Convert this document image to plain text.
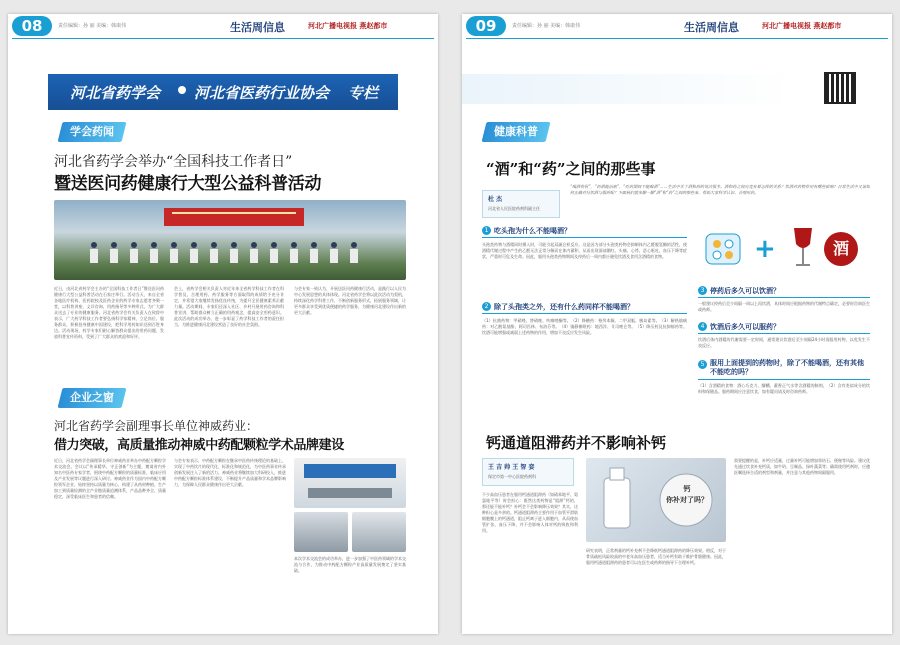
08	责任编辑：孙 丽 美编：韩康伟	生活周信息	河北广播电视报 燕赵都市
河北省药学会 河北省医药行业协会 专栏
学会药闻
河北省药学会举办“全国科技工作者日”
暨送医问药健康行大型公益科普活动
近日，由河北省药学会主办的“全国科技工作者日”暨送医问药健康行大型公益科普活动在石家庄举行。活动当天，来自全省各地医疗机构、医药院校及医药企业的药学专家志愿者齐聚一堂，以科普讲座、义诊咨询、用药指导等多种形式，为广大群众送去了专业的健康服务。河北省药学会有关负责人在致辞中表示，广大药学科技工作者要弘扬科学家精神，立足岗位、服务群众，积极投身健康中国建设，把科学用药知识送到百姓身边。活动现场，药学专家们耐心解答群众提出的用药问题，发放科普宣传资料，受到了广大群众的欢迎和好评。
会上，省药学会相关负责人对近年来全省药学科技工作者在科学普及、合理用药、药学服务等方面取得的成绩给予充分肯定，并希望大家继续发扬优良传统，为提升全民健康素养贡献力量。活动期间，专家们还深入社区、乡村开展用药咨询和科普宣讲，帮助群众树立正确的用药观念，提高安全用药意识。此次活动的成功举办，进一步彰显了药学科技工作者的责任担当，为推进健康河北建设营造了良好的社会氛围。
与会专家一致认为，开展送医问药健康行活动，是践行以人民为中心发展思想的具体体现。河北省药学会将以此次活动为契机，持续深化药学科普工作，不断创新服务形式，拓展服务领域，让更多群众享受到优质便捷的药学服务，为健康河北建设作出新的更大贡献。
企业之窗
河北省药学会副理事长单位神威药业：
借力突破，高质量推动神威中药配颗粒学术品牌建设
近日，河北省药学会副理事长单位神威药业举办中药配方颗粒学术交流会。会议以“传承精华、守正创新”为主题，邀请省内外知名中医药专家学者，围绕中药配方颗粒的质量标准、临床应用及产业发展等议题进行深入研讨。神威药业作为国内中药配方颗粒领军企业，始终坚持以质量为核心，构建了从药材种植、生产加工到质量检测的全产业链质量追溯体系，产品品种齐全、质量稳定，深受临床医生和患者的信赖。
与会专家表示，中药配方颗粒在继承中医药传统理论的基础上，实现了中药饮片的现代化、标准化和规范化，为中医药事业传承创新发展注入了新的活力。神威药业将继续加大科研投入，推进中药配方颗粒标准体系建设，不断提升产品质量和学术品牌影响力，为保障人民群众健康作出更大贡献。
本次学术交流会的成功举办，进一步加强了中医药领域的学术交流与合作，为推动中药配方颗粒产业高质量发展奠定了坚实基础。
09	责任编辑：孙 丽 美编：韩康伟	生活周信息	河北广播电视报 燕赵都市
健康科普
“酒”和“药”之间的那些事
杜 杰
河北省人民医院药剂科副主任
“喝酒伤胃”，“药酒能治病”，“吃药期间不能喝酒”……生活中关于酒和药的说法很多。酒和药之间究竟有着怎样的关系？饮酒对药物作用有哪些影响？日常生活中又该如何正确对待饮酒与服药呢？下面我们就来聊一聊“酒”和“药”之间的那些事，帮助大家科学认识、合理用药。
1 吃头孢为什么不能喝酒？
头孢类药物与酒精同时摄入时，可能引起双硫仑样反应。这是因为部分头孢类药物会抑制体内乙醛脱氢酶的活性，使酒精代谢过程中产生的乙醛无法正常分解而在体内蓄积，从而出现面部潮红、头痛、心悸、恶心呕吐、血压下降等症状，严重时可危及生命。因此，服用头孢类药物期间及停药后一周内都应避免饮酒及食用含酒精的食物。
2 除了头孢类之外，还有什么药同样不能喝酒？
（1）抗菌药物：甲硝唑、替硝唑、呋喃唑酮等。（2）降糖药：格列本脲、二甲双胍、胰岛素等。（3）解热镇痛药：对乙酰氨基酚、阿司匹林、布洛芬等。（4）镇静催眠药：地西泮、艾司唑仑等。（5）降压药及抗抑郁药等。饮酒可能增强或减弱上述药物的作用，增加不良反应发生风险。
+	酒
3 停药后多久可以饮酒？
一般建议停药后至少间隔一周以上再饮酒，具体时间应根据药物的代谢特点确定，必要时咨询医生或药师。
4 饮酒后多久可以服药？
饮酒后体内酒精的代谢需要一定时间，通常建议饮酒后至少间隔24小时再服用药物，以免发生不良反应。
5 服用上面提到的药物时，除了不能喝酒，还有其他不能吃的吗？
（1）含酒精的食物：酒心巧克力、醪糟、藿香正气水等含酒精的制剂。（2）含有类似成分的饮料和保健品。服药期间应注意饮食，如有疑问请及时咨询药师。
钙通道阻滞药并不影响补钙
王 吉 帅 王 智 娈
保定市第一中心医院药剂科
不少高血压患者在服用钙通道阻滞药（如硝苯地平、氨氯地平等）时会担心：既然这类药物是“阻滞”钙的，那还能不能补钙？补钙会不会影响降压效果？其实，这种担心是多余的。钙通道阻滞药主要作用于血管平滑肌细胞膜上的钙通道，阻止钙离子进入细胞内，从而使血管扩张、血压下降，并不会影响人体对钙的吸收和利用。
钙
你补对了吗？
研究表明，正常剂量的钙补充剂不会降低钙通道阻滞药的降压效果。相反，对于骨质疏松风险较高的中老年高血压患者，适当补钙有助于维护骨骼健康。因此，服用钙通道阻滞药的患者可以在医生或药师的指导下合理补钙。
需要提醒的是，补钙应适量，过量补钙可能增加肾结石、便秘等风险。建议优先通过饮食补充钙质，如牛奶、豆制品、绿叶蔬菜等；确需使用钙剂时，应遵医嘱选择合适的剂型和剂量，并注意与其他药物间隔服用。
